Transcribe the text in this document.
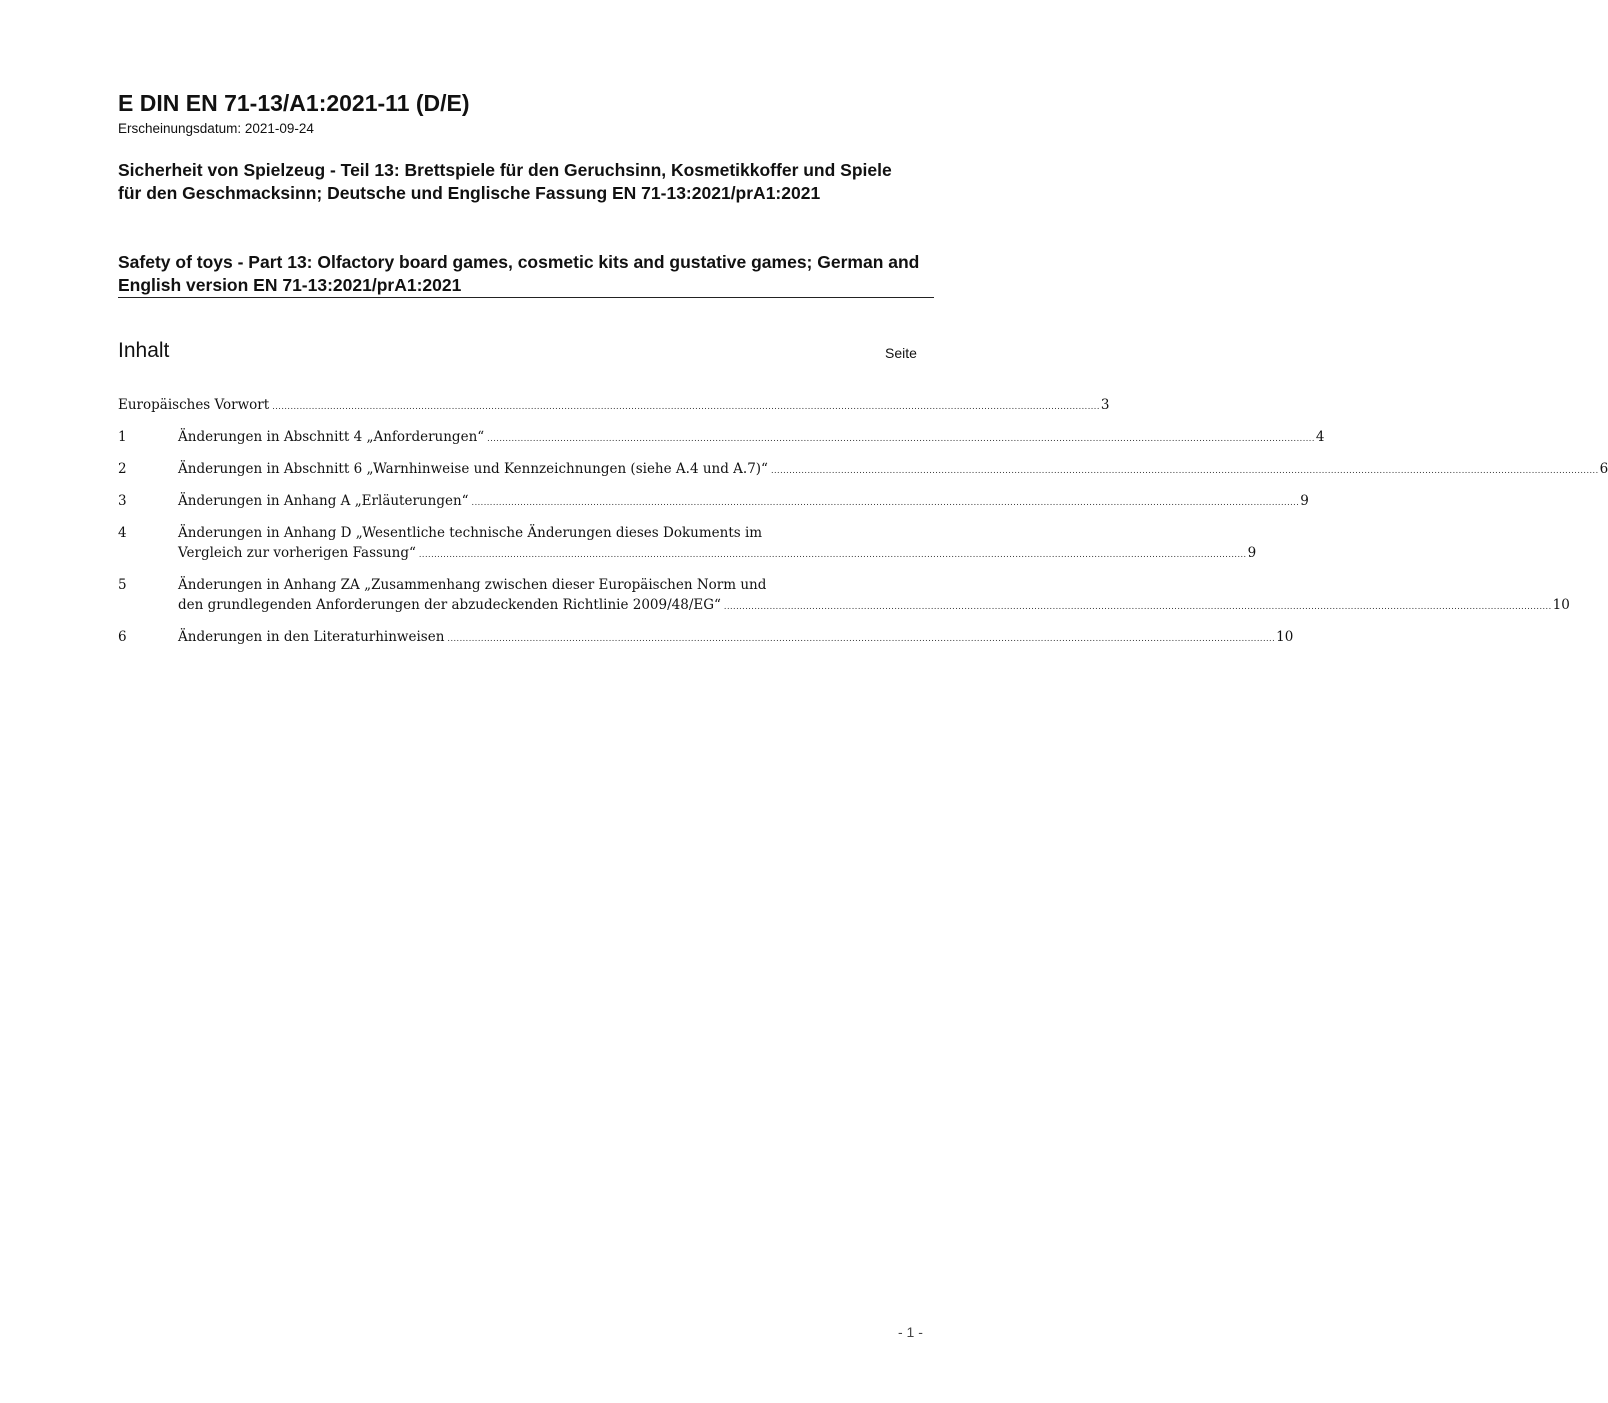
E DIN EN 71-13/A1:2021-11 (D/E)
Erscheinungsdatum: 2021-09-24
Sicherheit von Spielzeug - Teil 13: Brettspiele für den Geruchsinn, Kosmetikkoffer und Spiele für den Geschmacksinn; Deutsche und Englische Fassung EN 71-13:2021/prA1:2021
Safety of toys - Part 13: Olfactory board games, cosmetic kits and gustative games; German and English version EN 71-13:2021/prA1:2021
Inhalt	Seite
Europäisches Vorwort ................................................................................................................................................................................................................................................................................ 3
1	Änderungen in Abschnitt 4 „Anforderungen“ ................................................................................................................................................................................................................................................................................ 4
2	Änderungen in Abschnitt 6 „Warnhinweise und Kennzeichnungen (siehe A.4 und A.7)“ ................................................................................................................................................................................................................................................................................ 6
3	Änderungen in Anhang A „Erläuterungen“ ................................................................................................................................................................................................................................................................................ 9
4	Änderungen in Anhang D „Wesentliche technische Änderungen dieses Dokuments im
Vergleich zur vorherigen Fassung“ ................................................................................................................................................................................................................................................................................ 9
5	Änderungen in Anhang ZA „Zusammenhang zwischen dieser Europäischen Norm und
den grundlegenden Anforderungen der abzudeckenden Richtlinie 2009/48/EG“ ................................................................................................................................................................................................................................................................................ 10
6	Änderungen in den Literaturhinweisen ................................................................................................................................................................................................................................................................................ 10
- 1 -
